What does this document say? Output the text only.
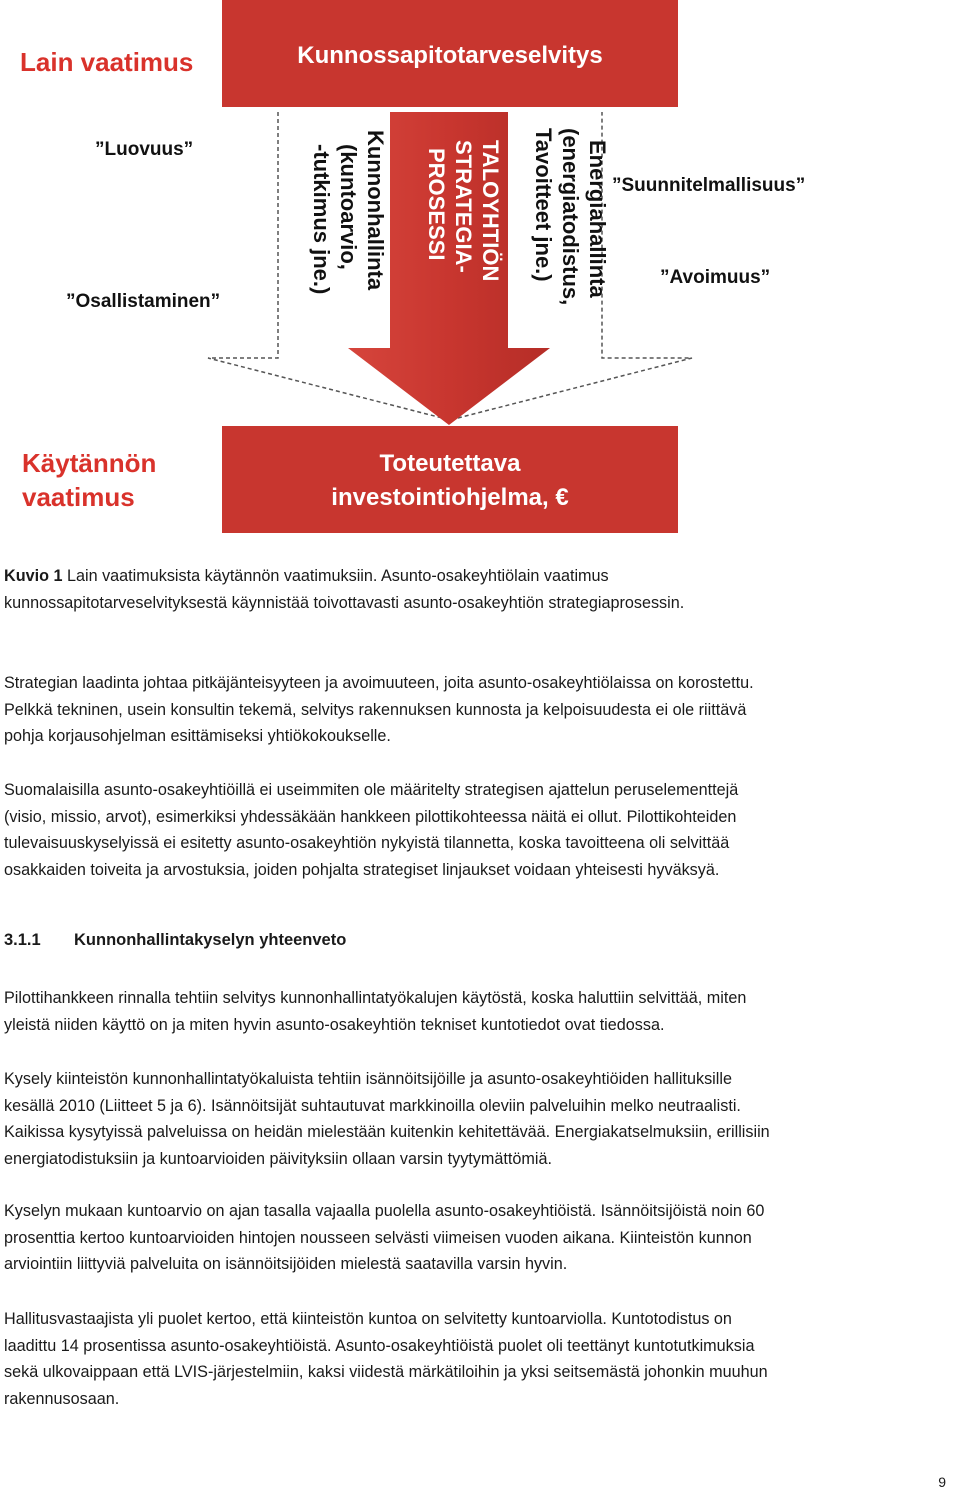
Lain vaatimus	Kunnossapitotarveselvitys
Kunnonhallinta
(kuntoarvio,
-tutkimus jne.)	TALOYHTIÖN
STRATEGIA-
PROSESSI	Energiahallinta
(energiatodistus,
Tavoitteet jne.)
”Luovuus”
”Osallistaminen”
”Suunnitelmallisuus”
”Avoimuus”
Käytännön
vaatimus
Toteutettava
investointiohjelma, €
Kuvio 1 Lain vaatimuksista käytännön vaatimuksiin. Asunto-osakeyhtiölain vaatimus
kunnossapitotarveselvityksestä käynnistää toivottavasti asunto-osakeyhtiön strategiaprosessin.
Strategian laadinta johtaa pitkäjänteisyyteen ja avoimuuteen, joita asunto-osakeyhtiölaissa on korostettu.
Pelkkä tekninen, usein konsultin tekemä, selvitys rakennuksen kunnosta ja kelpoisuudesta ei ole riittävä
pohja korjausohjelman esittämiseksi yhtiökokoukselle.
Suomalaisilla asunto-osakeyhtiöillä ei useimmiten ole määritelty strategisen ajattelun peruselementtejä
(visio, missio, arvot), esimerkiksi yhdessäkään hankkeen pilottikohteessa näitä ei ollut. Pilottikohteiden
tulevaisuuskyselyissä ei esitetty asunto-osakeyhtiön nykyistä tilannetta, koska tavoitteena oli selvittää
osakkaiden toiveita ja arvostuksia, joiden pohjalta strategiset linjaukset voidaan yhteisesti hyväksyä.
3.1.1 Kunnonhallintakyselyn yhteenveto
Pilottihankkeen rinnalla tehtiin selvitys kunnonhallintatyökalujen käytöstä, koska haluttiin selvittää, miten
yleistä niiden käyttö on ja miten hyvin asunto-osakeyhtiön tekniset kuntotiedot ovat tiedossa.
Kysely kiinteistön kunnonhallintatyökaluista tehtiin isännöitsijöille ja asunto-osakeyhtiöiden hallituksille
kesällä 2010 (Liitteet 5 ja 6). Isännöitsijät suhtautuvat markkinoilla oleviin palveluihin melko neutraalisti.
Kaikissa kysytyissä palveluissa on heidän mielestään kuitenkin kehitettävää. Energiakatselmuksiin, erillisiin
energiatodistuksiin ja kuntoarvioiden päivityksiin ollaan varsin tyytymättömiä.
Kyselyn mukaan kuntoarvio on ajan tasalla vajaalla puolella asunto-osakeyhtiöistä. Isännöitsijöistä noin 60
prosenttia kertoo kuntoarvioiden hintojen nousseen selvästi viimeisen vuoden aikana. Kiinteistön kunnon
arviointiin liittyviä palveluita on isännöitsijöiden mielestä saatavilla varsin hyvin.
Hallitusvastaajista yli puolet kertoo, että kiinteistön kuntoa on selvitetty kuntoarviolla. Kuntotodistus on
laadittu 14 prosentissa asunto-osakeyhtiöistä. Asunto-osakeyhtiöistä puolet oli teettänyt kuntotutkimuksia
sekä ulkovaippaan että LVIS-järjestelmiin, kaksi viidestä märkätiloihin ja yksi seitsemästä johonkin muuhun
rakennusosaan.
9
